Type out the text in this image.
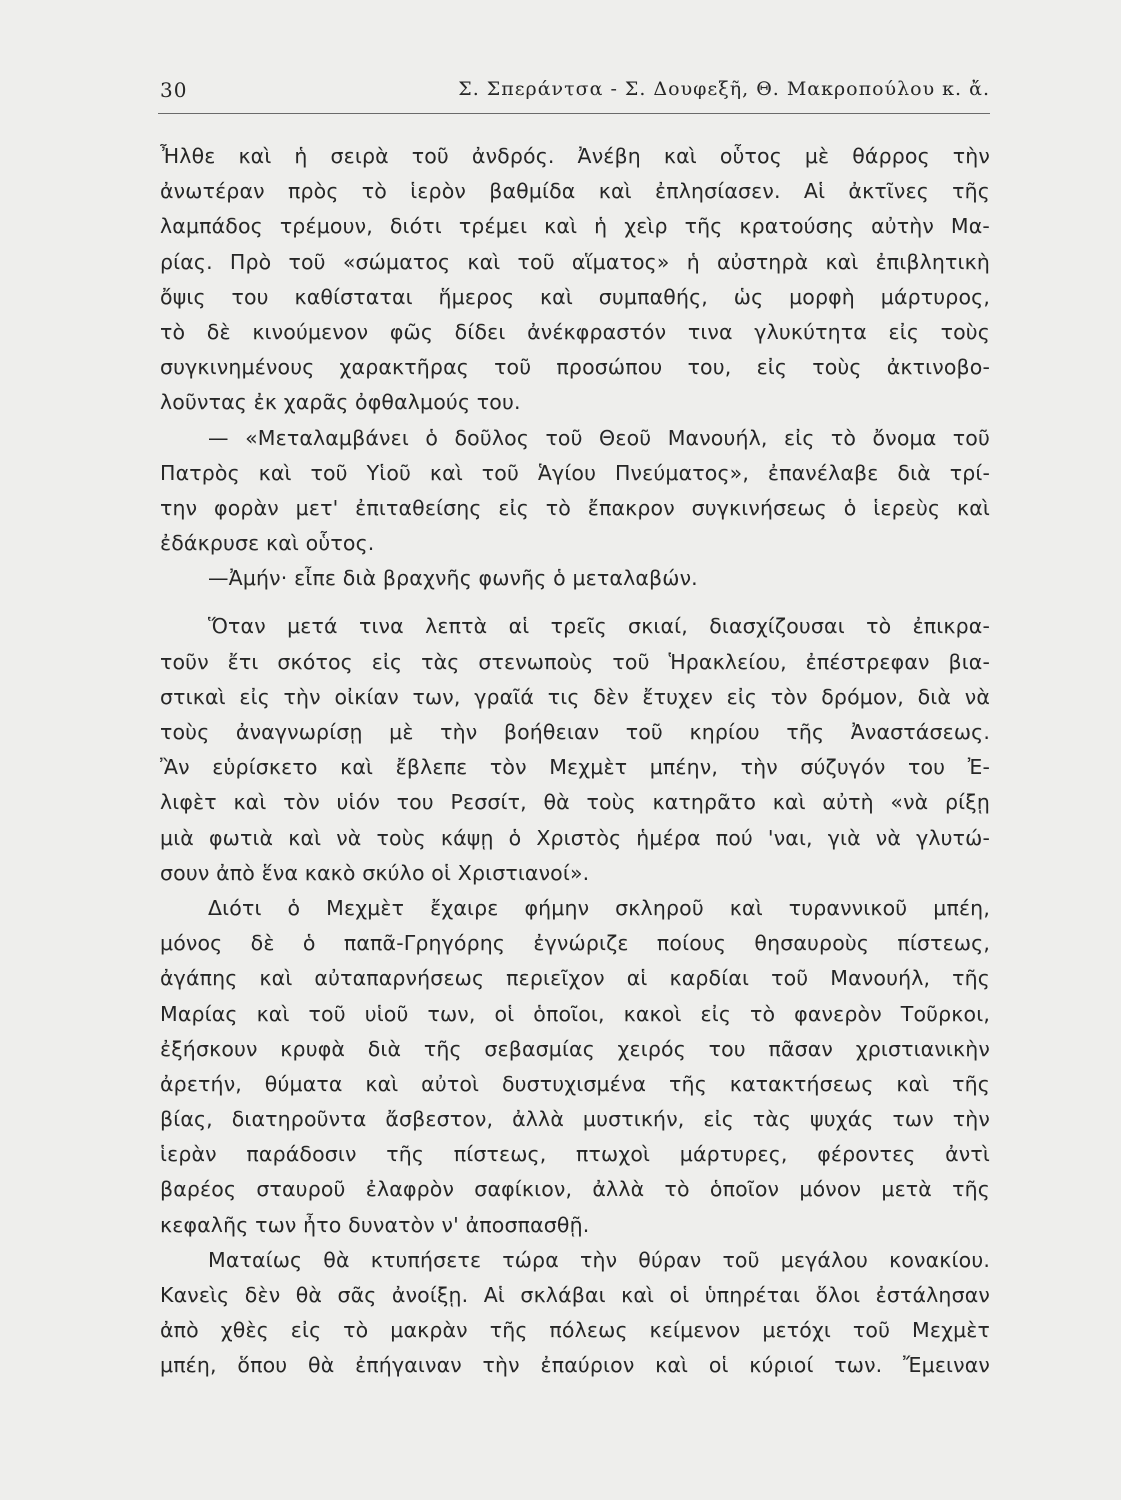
30	Σ. Σπεράντσα - Σ. Δουφεξῆ, Θ. Μακροπούλου κ. ἄ.
Ἦλθε καὶ ἡ σειρὰ τοῦ ἀνδρός. Ἀνέβη καὶ οὗτος μὲ θάρρος τὴν
ἀνωτέραν πρὸς τὸ ἱερὸν βαθμίδα καὶ ἐπλησίασεν. Αἱ ἀκτῖνες τῆς
λαμπάδος τρέμουν, διότι τρέμει καὶ ἡ χεὶρ τῆς κρατούσης αὐτὴν Μα-
ρίας. Πρὸ τοῦ «σώματος καὶ τοῦ αἵματος» ἡ αὐστηρὰ καὶ ἐπιβλητικὴ
ὄψις του καθίσταται ἥμερος καὶ συμπαθής, ὡς μορφὴ μάρτυρος,
τὸ δὲ κινούμενον φῶς δίδει ἀνέκφραστόν τινα γλυκύτητα εἰς τοὺς
συγκινημένους χαρακτῆρας τοῦ προσώπου του, εἰς τοὺς ἀκτινοβο-
λοῦντας ἐκ χαρᾶς ὀφθαλμούς του.
— «Μεταλαμβάνει ὁ δοῦλος τοῦ Θεοῦ Μανουήλ, εἰς τὸ ὄνομα τοῦ
Πατρὸς καὶ τοῦ Υἱοῦ καὶ τοῦ Ἁγίου Πνεύματος», ἐπανέλαβε διὰ τρί-
την φορὰν μετ' ἐπιταθείσης εἰς τὸ ἔπακρον συγκινήσεως ὁ ἱερεὺς καὶ
ἐδάκρυσε καὶ οὗτος.
—Ἀμήν· εἶπε διὰ βραχνῆς φωνῆς ὁ μεταλαβών.
Ὅταν μετά τινα λεπτὰ αἱ τρεῖς σκιαί, διασχίζουσαι τὸ ἐπικρα-
τοῦν ἔτι σκότος εἰς τὰς στενωποὺς τοῦ Ἡρακλείου, ἐπέστρεφαν βια-
στικαὶ εἰς τὴν οἰκίαν των, γραῖά τις δὲν ἔτυχεν εἰς τὸν δρόμον, διὰ νὰ
τοὺς ἀναγνωρίσῃ μὲ τὴν βοήθειαν τοῦ κηρίου τῆς Ἀναστάσεως.
Ἂν εὑρίσκετο καὶ ἔβλεπε τὸν Μεχμὲτ μπέην, τὴν σύζυγόν του Ἐ-
λιφὲτ καὶ τὸν υἱόν του Ρεσσίτ, θὰ τοὺς κατηρᾶτο καὶ αὐτὴ «νὰ ρίξῃ
μιὰ φωτιὰ καὶ νὰ τοὺς κάψῃ ὁ Χριστὸς ἡμέρα πού 'ναι, γιὰ νὰ γλυτώ-
σουν ἀπὸ ἕνα κακὸ σκύλο οἱ Χριστιανοί».
Διότι ὁ Μεχμὲτ ἔχαιρε φήμην σκληροῦ καὶ τυραννικοῦ μπέη,
μόνος δὲ ὁ παπᾶ-Γρηγόρης ἐγνώριζε ποίους θησαυροὺς πίστεως,
ἀγάπης καὶ αὐταπαρνήσεως περιεῖχον αἱ καρδίαι τοῦ Μανουήλ, τῆς
Μαρίας καὶ τοῦ υἱοῦ των, οἱ ὁποῖοι, κακοὶ εἰς τὸ φανερὸν Τοῦρκοι,
ἐξήσκουν κρυφὰ διὰ τῆς σεβασμίας χειρός του πᾶσαν χριστιανικὴν
ἀρετήν, θύματα καὶ αὐτοὶ δυστυχισμένα τῆς κατακτήσεως καὶ τῆς
βίας, διατηροῦντα ἄσβεστον, ἀλλὰ μυστικήν, εἰς τὰς ψυχάς των τὴν
ἱερὰν παράδοσιν τῆς πίστεως, πτωχοὶ μάρτυρες, φέροντες ἀντὶ
βαρέος σταυροῦ ἐλαφρὸν σαφίκιον, ἀλλὰ τὸ ὁποῖον μόνον μετὰ τῆς
κεφαλῆς των ἦτο δυνατὸν ν' ἀποσπασθῇ.
Ματαίως θὰ κτυπήσετε τώρα τὴν θύραν τοῦ μεγάλου κονακίου.
Κανεὶς δὲν θὰ σᾶς ἀνοίξῃ. Αἱ σκλάβαι καὶ οἱ ὑπηρέται ὅλοι ἐστάλησαν
ἀπὸ χθὲς εἰς τὸ μακρὰν τῆς πόλεως κείμενον μετόχι τοῦ Μεχμὲτ
μπέη, ὅπου θὰ ἐπήγαιναν τὴν ἐπαύριον καὶ οἱ κύριοί των. Ἔμειναν
